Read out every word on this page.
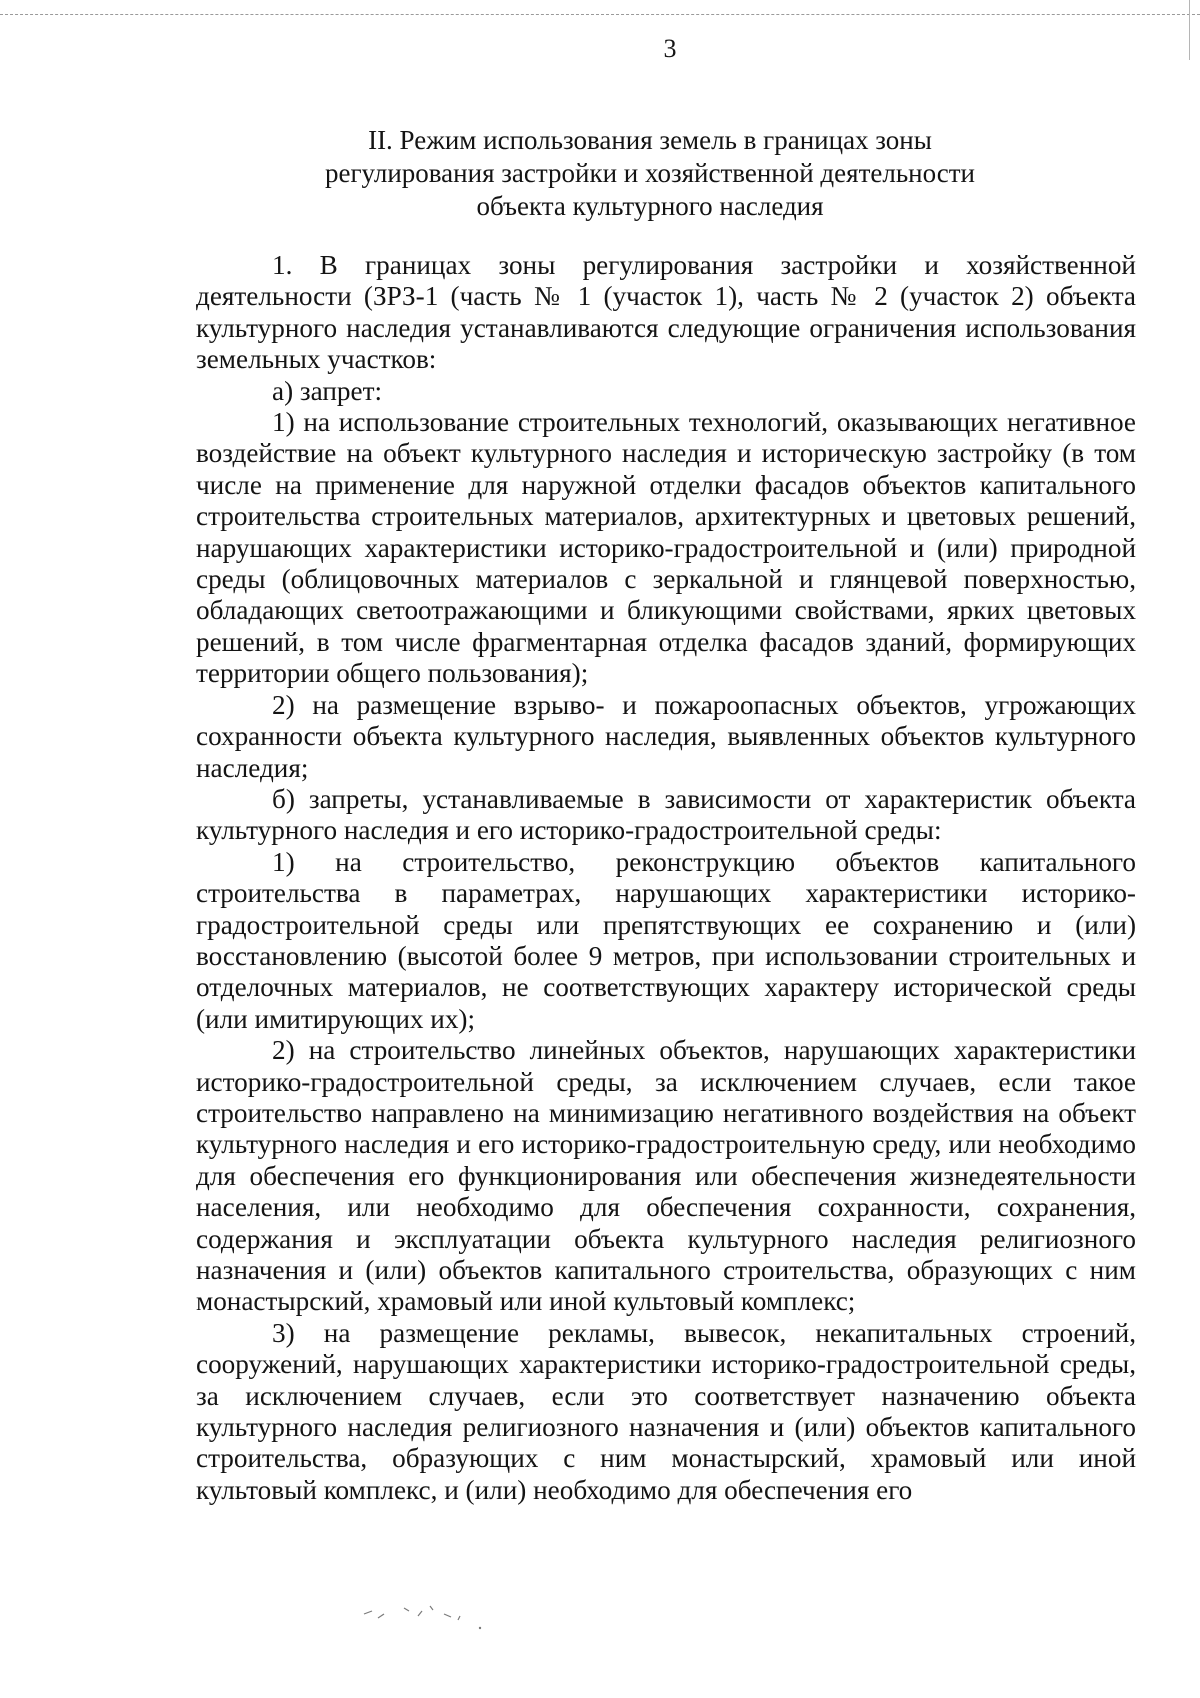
3
II. Режим использования земель в границах зоны
регулирования застройки и хозяйственной деятельности
объекта культурного наследия

1. В границах зоны регулирования застройки и хозяйственной деятельности (ЗРЗ-1 (часть № 1 (участок 1), часть № 2 (участок 2) объекта культурного наследия устанавливаются следующие ограничения использования земельных участков:

а) запрет:

1) на использование строительных технологий, оказывающих негативное воздействие на объект культурного наследия и историческую застройку (в том числе на применение для наружной отделки фасадов объектов капитального строительства строительных материалов, архитектурных и цветовых решений, нарушающих характеристики историко-градостроительной и (или) природной среды (облицовочных материалов с зеркальной и глянцевой поверхностью, обладающих светоотражающими и бликующими свойствами, ярких цветовых решений, в том числе фрагментарная отделка фасадов зданий, формирующих территории общего пользования);

2) на размещение взрыво- и пожароопасных объектов, угрожающих сохранности объекта культурного наследия, выявленных объектов культурного наследия;

б) запреты, устанавливаемые в зависимости от характеристик объекта культурного наследия и его историко-градостроительной среды:

1) на строительство, реконструкцию объектов капитального строительства в параметрах, нарушающих характеристики историко-градостроительной среды или препятствующих ее сохранению и (или) восстановлению (высотой более 9 метров, при использовании строительных и отделочных материалов, не соответствующих характеру исторической среды (или имитирующих их);

2) на строительство линейных объектов, нарушающих характеристики историко-градостроительной среды, за исключением случаев, если такое строительство направлено на минимизацию негативного воздействия на объект культурного наследия и его историко-градостроительную среду, или необходимо для обеспечения его функционирования или обеспечения жизнедеятельности населения, или необходимо для обеспечения сохранности, сохранения, содержания и эксплуатации объекта культурного наследия религиозного назначения и (или) объектов капитального строительства, образующих с ним монастырский, храмовый или иной культовый комплекс;

3) на размещение рекламы, вывесок, некапитальных строений, сооружений, нарушающих характеристики историко-градостроительной среды, за исключением случаев, если это соответствует назначению объекта культурного наследия религиозного назначения и (или) объектов капитального строительства, образующих с ним монастырский, храмовый или иной культовый комплекс, и (или) необходимо для обеспечения его
